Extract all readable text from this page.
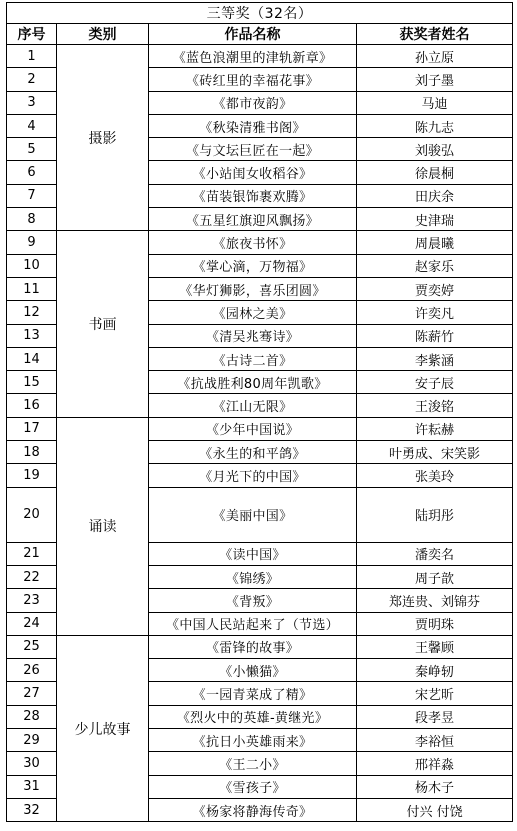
三等奖（32名）			
序号	类别	作品名称	获奖者姓名
1	摄影	《蓝色浪潮里的津轨新章》	孙立原
2		《砖红里的幸福花事》	刘子墨
3		《都市夜韵》	马迪
4		《秋染清雅书阁》	陈九志
5		《与文坛巨匠在一起》	刘骏弘
6		《小站闺女收稻谷》	徐晨桐
7		《苗装银饰裹欢腾》	田庆余
8		《五星红旗迎风飘扬》	史津瑞
9	书画	《旅夜书怀》	周晨曦
10		《掌心滴，万物福》	赵家乐
11		《华灯狮影，喜乐团圆》	贾奕婷
12		《园林之美》	许奕凡
13		《清吴兆骞诗》	陈薪竹
14		《古诗二首》	李紫涵
15		《抗战胜利80周年凯歌》	安子辰
16		《江山无限》	王浚铭
17	诵读	《少年中国说》	许耘赫
18		《永生的和平鸽》	叶勇成、宋笑影
19		《月光下的中国》	张美玲
20		《美丽中国》	陆玥彤
21		《读中国》	潘奕名
22		《锦绣》	周子歆
23		《背叛》	郑连贵、刘锦芬
24		《中国人民站起来了（节选）	贾明珠
25	少儿故事	《雷锋的故事》	王馨顾
26		《小懒猫》	秦峥轫
27		《一园青菜成了精》	宋艺昕
28		《烈火中的英雄-黄继光》	段孝昱
29		《抗日小英雄雨来》	李裕恒
30		《王二小》	邢祥淼
31		《雪孩子》	杨木子
32		《杨家将静海传奇》	付兴 付饶
